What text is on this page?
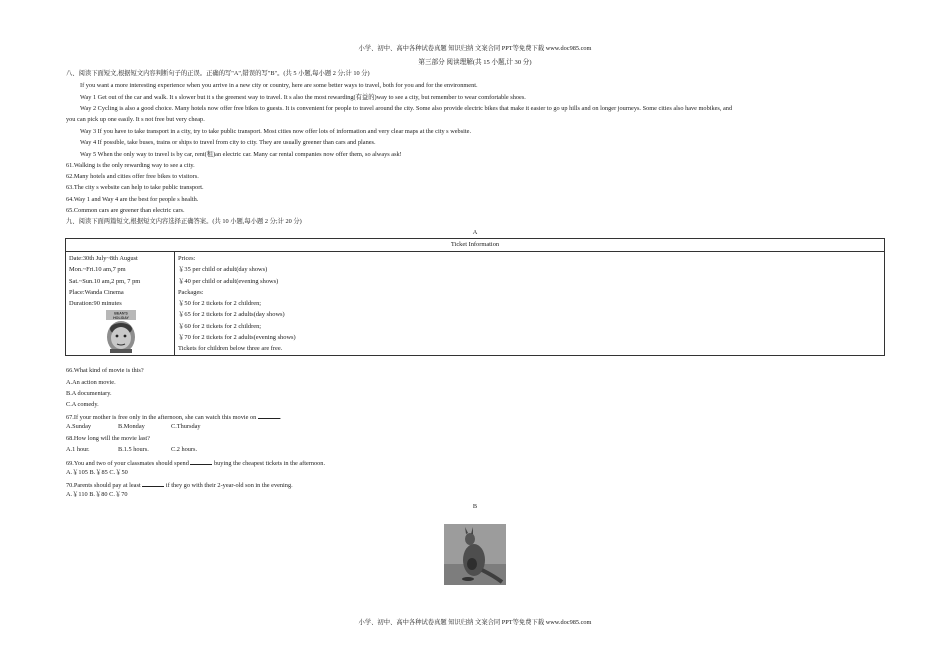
小学、初中、高中各种试卷真题 知识归纳 文案合同 PPT等免费下载 www.doc985.com
第三部分 阅读理解(共 15 小题,计 30 分)
八、阅读下面短文,根据短文内容判断句子的正误。正确的写"A",错误的写"B"。(共 5 小题,每小题 2 分;计 10 分)
If you want a more interesting experience when you arrive in a new city or country, here are some better ways to travel, both for you and for the environment.
Way 1 Get out of the car and walk. It s slower but it s the greenest way to travel. It s also the most rewarding(有益的)way to see a city, but remember to wear comfortable shoes.
Way 2 Cycling is also a good choice. Many hotels now offer free bikes to guests. It is convenient for people to travel around the city. Some also provide electric bikes that make it easier to go up hills and on longer journeys. Some cities also have mobikes, and
you can pick up one easily. It s not free but very cheap.
Way 3 If you have to take transport in a city, try to take public transport. Most cities now offer lots of information and very clear maps at the city s website.
Way 4 If possible, take buses, trains or ships to travel from city to city. They are usually greener than cars and planes.
Way 5 When the only way to travel is by car, rent(租)an electric car. Many car rental companies now offer them, so always ask!
61.Walking is the only rewarding way to see a city.
62.Many hotels and cities offer free bikes to visitors.
63.The city s website can help to take public transport.
64.Way 1 and Way 4 are the best for people s health.
65.Common cars are greener than electric cars.
九、阅读下面两篇短文,根据短文内容选择正确答案。(共 10 小题,每小题 2 分;计 20 分)
A
Ticket Information

Date:30th July~8th August
Mon.~Fri.10 am,7 pm
Sat.~Sun.10 am,2 pm, 7 pm
Place:Wanda Cinema
Duration:90 minutes
BEAN'S
HOLIDAY

Prices:
￥35 per child or adult(day shows)
￥40 per child or adult(evening shows)
Packages:
￥50 for 2 tickets for 2 children;
￥65 for 2 tickets for 2 adults(day shows)
￥60 for 2 tickets for 2 children;
￥70 for 2 tickets for 2 adults(evening shows)
Tickets for children below three are free.
66.What kind of movie is this?
A.An action movie.
B.A documentary.
C.A comedy.
67.If your mother is free only in the afternoon, she can watch this movie on	.
A.Sunday	B.Monday	C.Thursday
68.How long will the movie last?
A.1 hour.	B.1.5 hours.	C.2 hours.
69.You and two of your classmates should spend	buying the cheapest tickets in the afternoon.
A.￥105 B.￥85 C.￥50
70.Parents should pay at least	if they go with their 2-year-old son in the evening.
A.￥110 B.￥80 C.￥70
B
小学、初中、高中各种试卷真题 知识归纳 文案合同 PPT等免费下载 www.doc985.com
